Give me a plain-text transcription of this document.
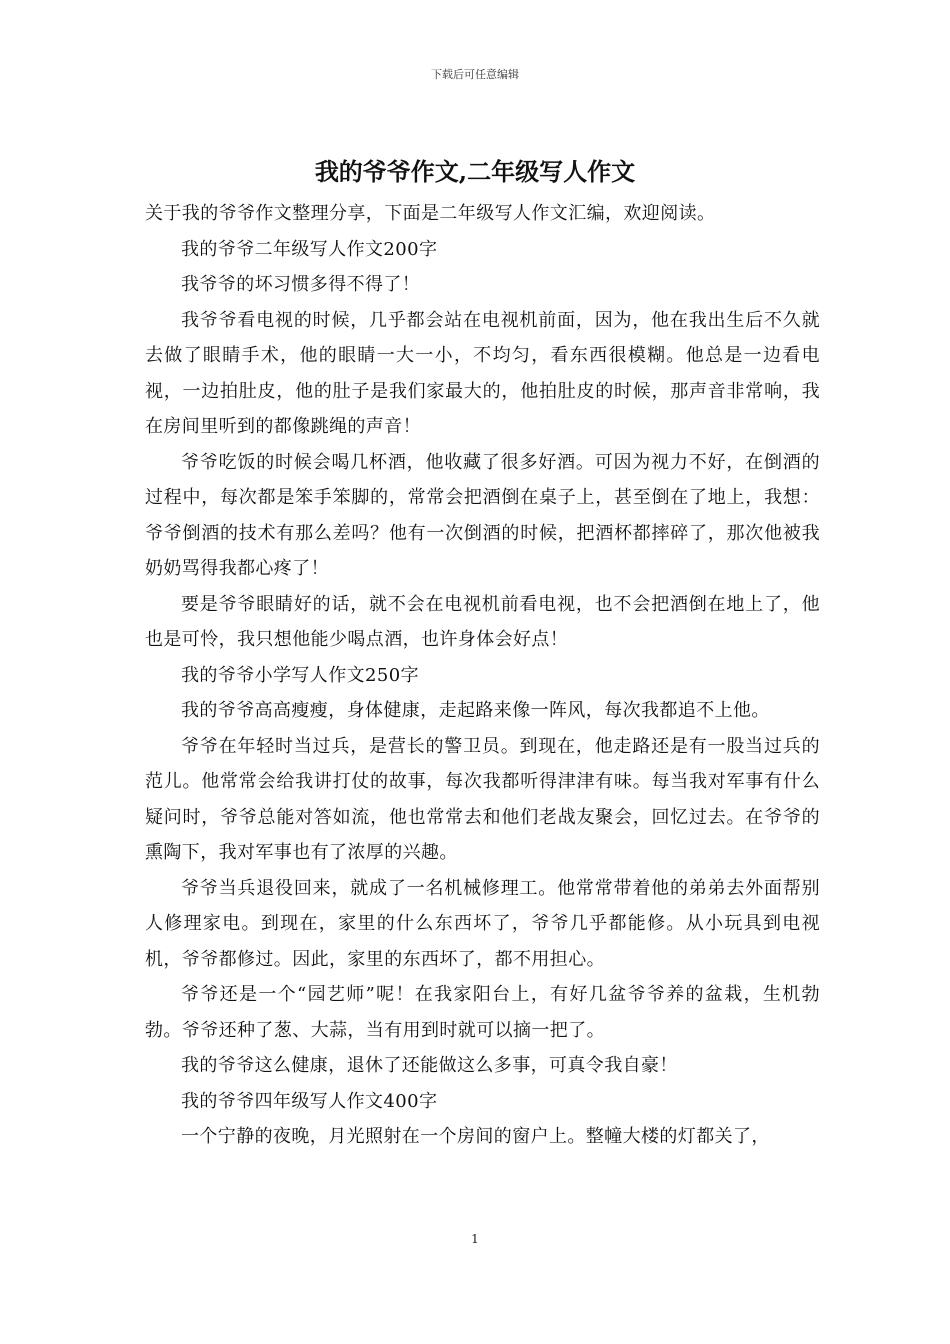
下载后可任意编辑
我的爷爷作文,二年级写人作文

关于我的爷爷作文整理分享，下面是二年级写人作文汇编，欢迎阅读。

我的爷爷二年级写人作文200字

我爷爷的坏习惯多得不得了！

我爷爷看电视的时候，几乎都会站在电视机前面，因为，他在我出生后不久就去做了眼睛手术，他的眼睛一大一小，不均匀，看东西很模糊。他总是一边看电视，一边拍肚皮，他的肚子是我们家最大的，他拍肚皮的时候，那声音非常响，我在房间里听到的都像跳绳的声音！

爷爷吃饭的时候会喝几杯酒，他收藏了很多好酒。可因为视力不好，在倒酒的过程中，每次都是笨手笨脚的，常常会把酒倒在桌子上，甚至倒在了地上，我想：爷爷倒酒的技术有那么差吗？他有一次倒酒的时候，把酒杯都摔碎了，那次他被我奶奶骂得我都心疼了！

要是爷爷眼睛好的话，就不会在电视机前看电视，也不会把酒倒在地上了，他也是可怜，我只想他能少喝点酒，也许身体会好点！

我的爷爷小学写人作文250字

我的爷爷高高瘦瘦，身体健康，走起路来像一阵风，每次我都追不上他。

爷爷在年轻时当过兵，是营长的警卫员。到现在，他走路还是有一股当过兵的范儿。他常常会给我讲打仗的故事，每次我都听得津津有味。每当我对军事有什么疑问时，爷爷总能对答如流，他也常常去和他们老战友聚会，回忆过去。在爷爷的熏陶下，我对军事也有了浓厚的兴趣。

爷爷当兵退役回来，就成了一名机械修理工。他常常带着他的弟弟去外面帮别人修理家电。到现在，家里的什么东西坏了，爷爷几乎都能修。从小玩具到电视机，爷爷都修过。因此，家里的东西坏了，都不用担心。

爷爷还是一个“园艺师”呢！在我家阳台上，有好几盆爷爷养的盆栽，生机勃勃。爷爷还种了葱、大蒜，当有用到时就可以摘一把了。

我的爷爷这么健康，退休了还能做这么多事，可真令我自豪！

我的爷爷四年级写人作文400字

一个宁静的夜晚，月光照射在一个房间的窗户上。整幢大楼的灯都关了，

1
